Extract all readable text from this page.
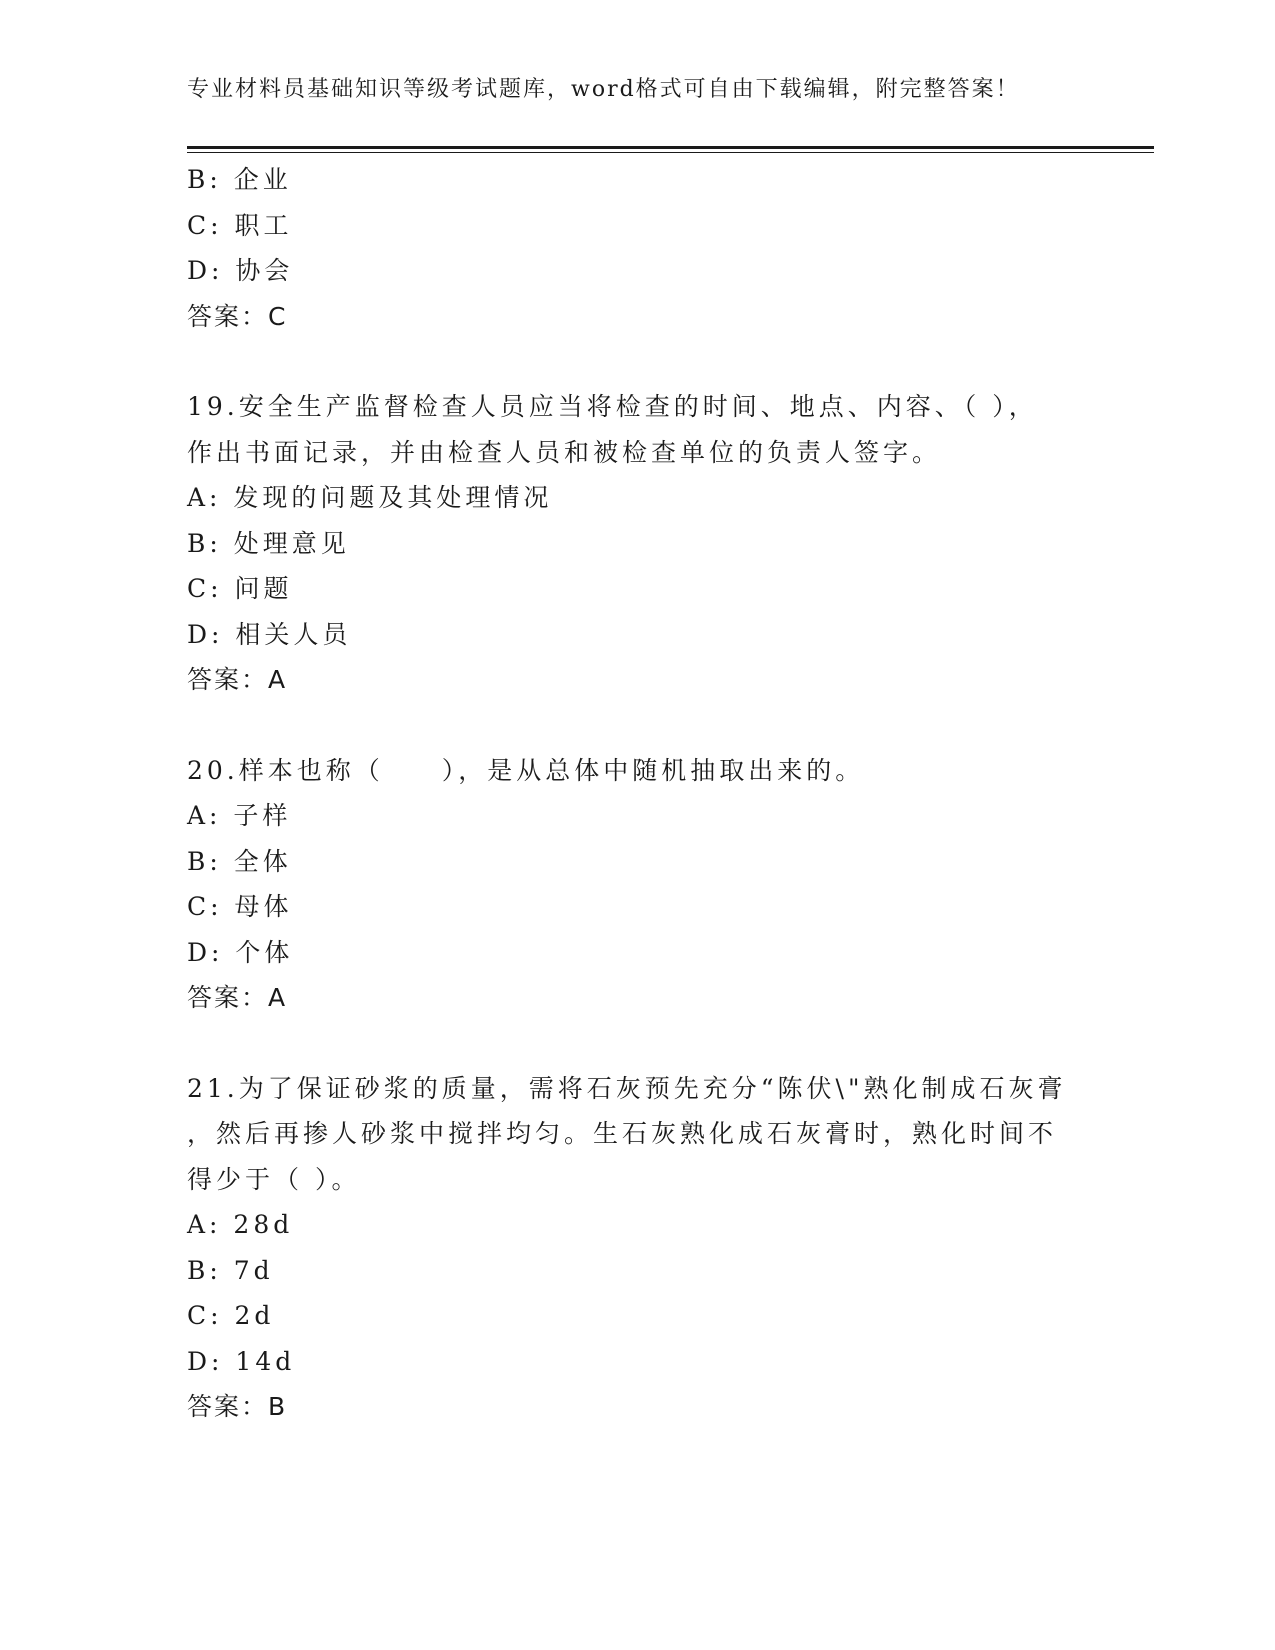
专业材料员基础知识等级考试题库，word格式可自由下载编辑，附完整答案！
B: 企业
C: 职工
D: 协会
答案：C
19.安全生产监督检查人员应当将检查的时间、地点、内容、（ ），
作出书面记录，并由检查人员和被检查单位的负责人签字。
A: 发现的问题及其处理情况
B: 处理意见
C: 问题
D: 相关人员
答案：A
20.样本也称（　　），是从总体中随机抽取出来的。
A: 子样
B: 全体
C: 母体
D: 个体
答案：A
21.为了保证砂浆的质量，需将石灰预先充分“陈伏\"熟化制成石灰膏
，然后再掺人砂浆中搅拌均匀。生石灰熟化成石灰膏时，熟化时间不
得少于（ ）。
A: 28d
B: 7d
C: 2d
D: 14d
答案：B
